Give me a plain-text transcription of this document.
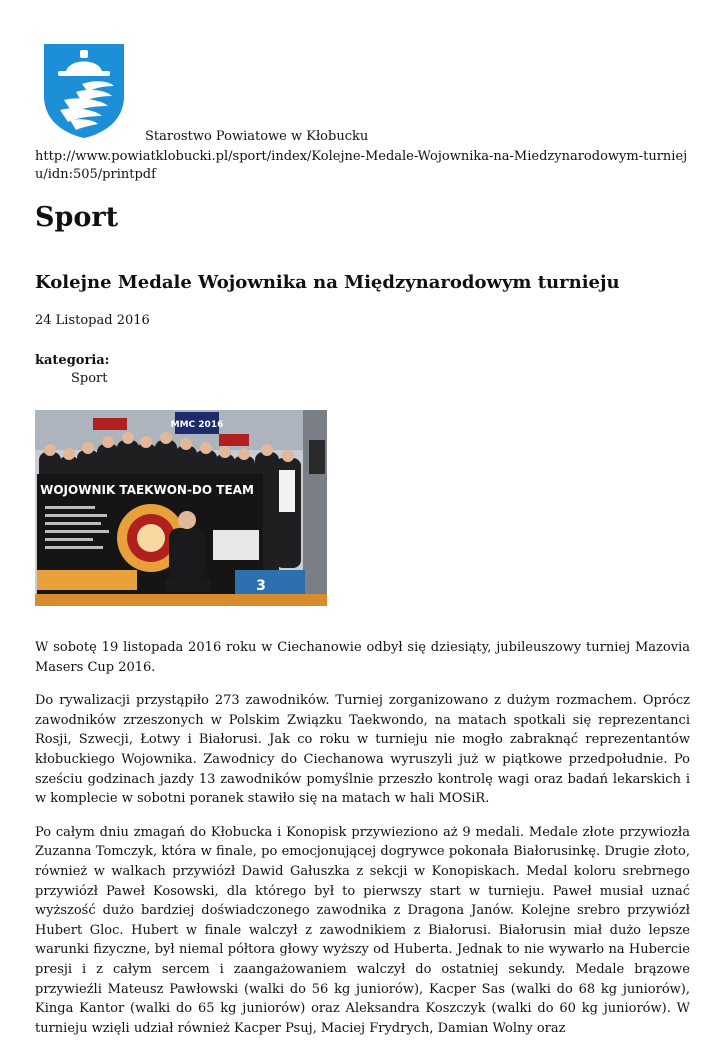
Starostwo Powiatowe w Kłobucku
http://www.powiatklobucki.pl/sport/index/Kolejne-Medale-Wojownika-na-Miedzynarodowym-turnieju/idn:505/printpdf
Sport
Kolejne Medale Wojownika na Międzynarodowym turnieju
24 Listopad 2016
kategoria:
Sport
MMC 2016
WOJOWNIK TAEKWON-DO TEAM
3

W sobotę 19 listopada 2016 roku w Ciechanowie odbył się dziesiąty, jubileuszowy turniej Mazovia Masers Cup 2016.

Do rywalizacji przystąpiło 273 zawodników. Turniej zorganizowano z dużym rozmachem. Oprócz zawodników zrzeszonych w Polskim Związku Taekwondo, na matach spotkali się reprezentanci Rosji, Szwecji, Łotwy i Białorusi. Jak co roku w turnieju nie mogło zabraknąć reprezentantów kłobuckiego Wojownika. Zawodnicy do Ciechanowa wyruszyli już w piątkowe przedpołudnie. Po sześciu godzinach jazdy 13 zawodników pomyślnie przeszło kontrolę wagi oraz badań lekarskich i w komplecie w sobotni poranek stawiło się na matach w hali MOSiR.

Po całym dniu zmagań do Kłobucka i Konopisk przywieziono aż 9 medali. Medale złote przywiozła Zuzanna Tomczyk, która w finale, po emocjonującej dogrywce pokonała Białorusinkę. Drugie złoto, również w walkach przywiózł Dawid Gałuszka z sekcji w Konopiskach. Medal koloru srebrnego przywiózł Paweł Kosowski, dla którego był to pierwszy start w turnieju. Paweł musiał uznać wyższość dużo bardziej doświadczonego zawodnika z Dragona Janów. Kolejne srebro przywiózł Hubert Gloc. Hubert w finale walczył z zawodnikiem z Białorusi. Białorusin miał dużo lepsze warunki fizyczne, był niemal półtora głowy wyższy od Huberta. Jednak to nie wywarło na Hubercie presji i z całym sercem i zaangażowaniem walczył do ostatniej sekundy. Medale brązowe przywieźli Mateusz Pawłowski (walki do 56 kg juniorów), Kacper Sas (walki do 68 kg juniorów), Kinga Kantor (walki do 65 kg juniorów) oraz Aleksandra Koszczyk (walki do 60 kg juniorów). W turnieju wzięli udział również Kacper Psuj, Maciej Frydrych, Damian Wolny oraz
